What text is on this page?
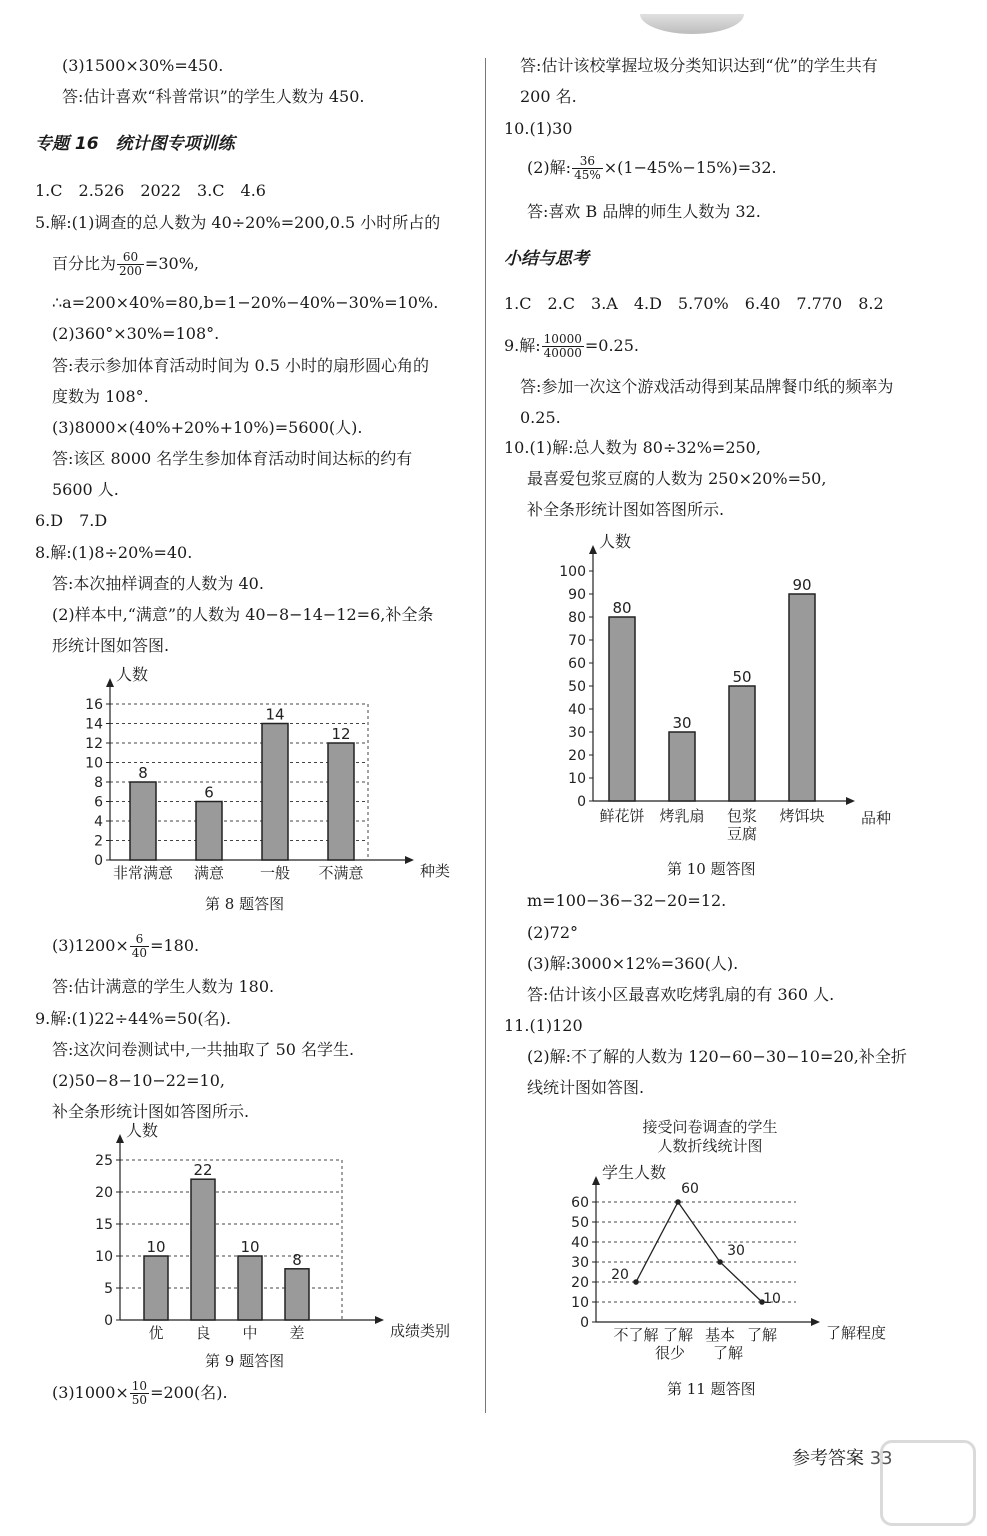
(3)1500×30%=450.
答:估计喜欢“科普常识”的学生人数为 450.
专题 16　统计图专项训练
1.C　2.526　2022　3.C　4.6
5.解:(1)调查的总人数为 40÷20%=200,0.5 小时所占的
百分比为 $\frac{60}{200} =30\%$,
∴a=200×40%=80,b=1−20%−40%−30%=10%.
(2)360°×30%=108°.
答:表示参加体育活动时间为 0.5 小时的扇形圆心角的
度数为 108°.
(3)8000×(40%+20%+10%)=5600(人).
答:该区 8000 名学生参加体育活动时间达标的约有
5600 人.
6.D　7.D
8.解:(1)8÷20%=40.
答:本次抽样调查的人数为 40.
(2)样本中,“满意”的人数为 40−8−14−12=6,补全条
形统计图如答图.
0
2
4
6
8
10
12
14
16
人数
种类
8
非常满意
6
满意
14
一般
12
不满意
第 8 题答图
$(3)1200\times \frac{6}{40} =180$.
答:估计满意的学生人数为 180.
9.解:(1)22÷44%=50(名).
答:这次问卷测试中,一共抽取了 50 名学生.
(2)50−8−10−22=10,
补全条形统计图如答图所示.
0
5
10
15
20
25
人数
成绩类别
10
优
22
良
10
中
8
差
第 9 题答图
$(3)1000\times \frac{10}{50} =200$(名).
答:估计该校掌握垃圾分类知识达到“优”的学生共有
200 名.
10.(1)30
(2)解: $\frac{36}{45\%} \times(1-45\%-15\%)=32$.
答:喜欢 B 品牌的师生人数为 32.
小结与思考
1.C　2.C　3.A　4.D　5.70%　6.40　7.770　8.2
9.解: $\frac{10000}{40000} =0.25$.
答:参加一次这个游戏活动得到某品牌餐巾纸的频率为
0.25.
10.(1)解:总人数为 80÷32%=250,
最喜爱包浆豆腐的人数为 250×20%=50,
补全条形统计图如答图所示.
0
10
20
30
40
50
60
70
80
90
100
人数
品种
80
鲜花饼
30
烤乳扇
50
包浆
豆腐
90
烤饵块
第 10 题答图
m=100−36−32−20=12.
(2)72°
(3)解:3000×12%=360(人).
答:估计该小区最喜欢吃烤乳扇的有 360 人.
11.(1)120
(2)解:不了解的人数为 120−60−30−10=20,补全折
线统计图如答图.
0
10
20
30
40
50
60
学生人数
了解程度
接受问卷调查的学生
人数折线统计图
20
不了解
60
了解
很少
30
基本
了解
10
了解
第 11 题答图
参考答案 33
